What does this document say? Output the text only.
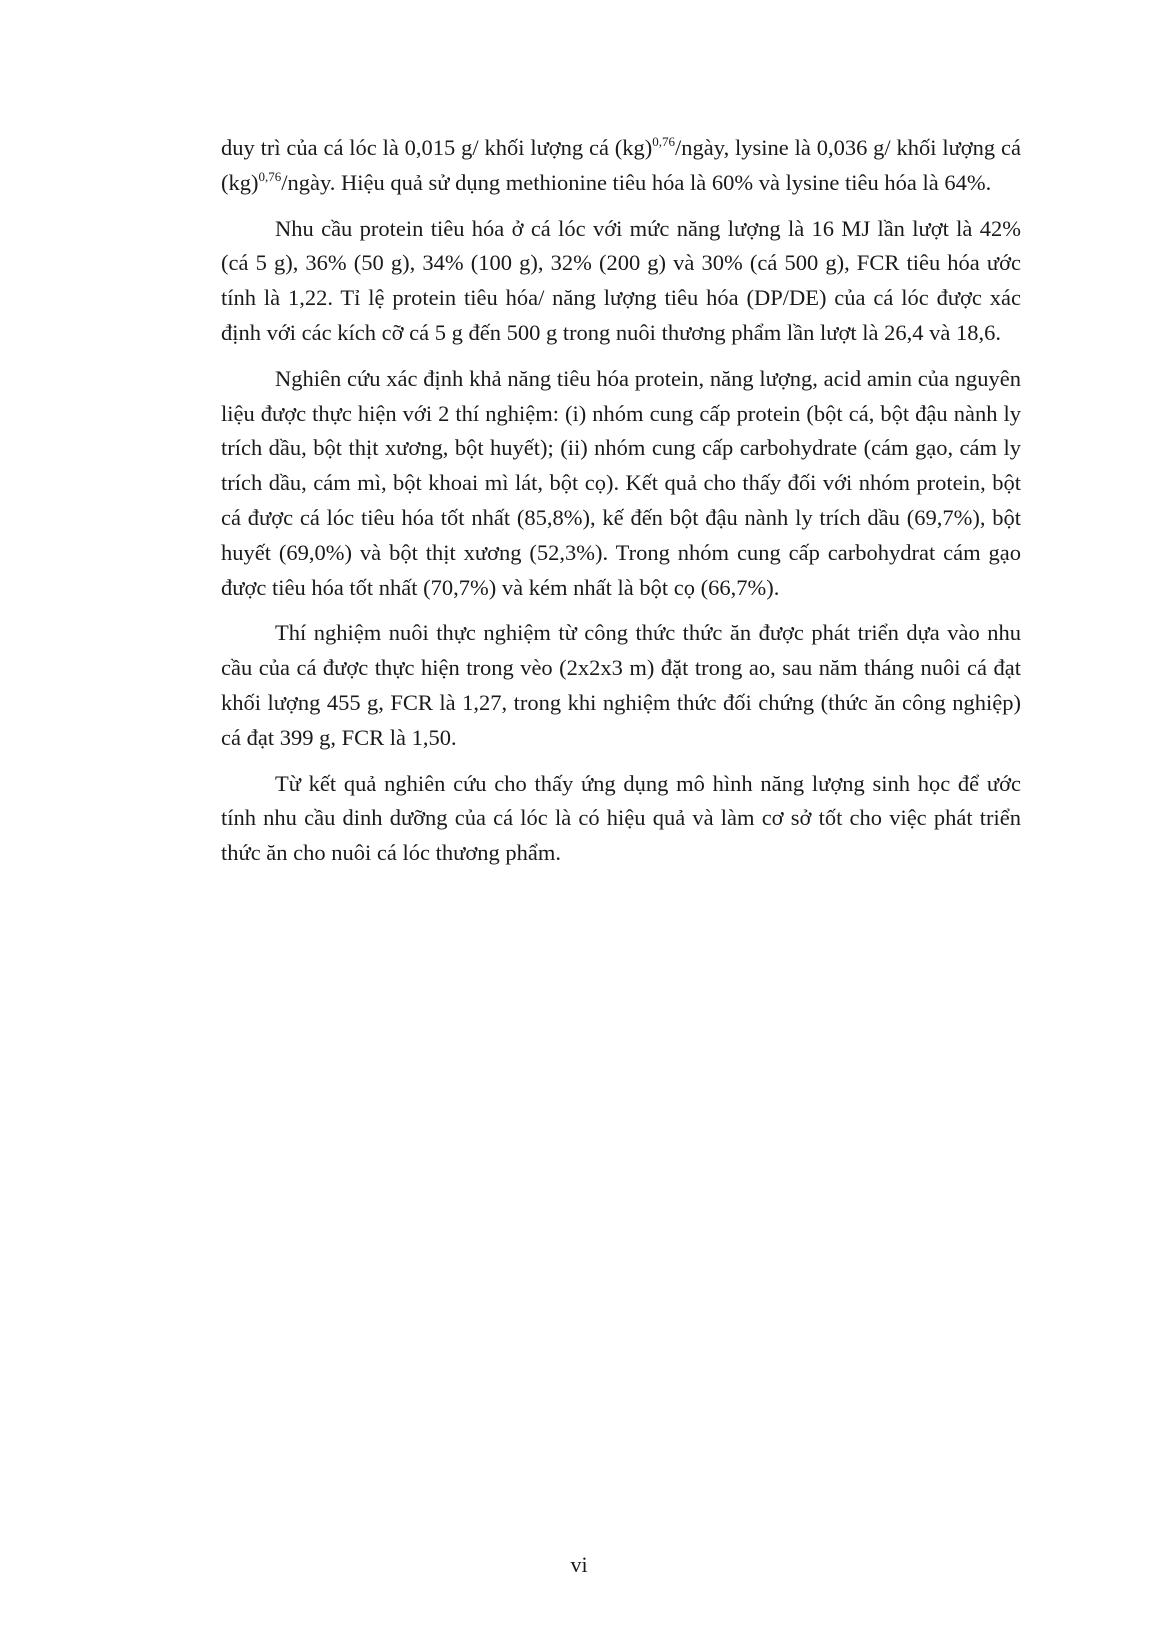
duy trì của cá lóc là 0,015 g/ khối lượng cá (kg)$^{0,76}$/ngày, lysine là 0,036 g/ khối lượng cá (kg)$^{0,76}$/ngày. Hiệu quả sử dụng methionine tiêu hóa là 60% và lysine tiêu hóa là 64%.

Nhu cầu protein tiêu hóa ở cá lóc với mức năng lượng là 16 MJ lần lượt là 42% (cá 5 g), 36% (50 g), 34% (100 g), 32% (200 g) và 30% (cá 500 g), FCR tiêu hóa ước tính là 1,22. Tỉ lệ protein tiêu hóa/ năng lượng tiêu hóa (DP/DE) của cá lóc được xác định với các kích cỡ cá 5 g đến 500 g trong nuôi thương phẩm lần lượt là 26,4 và 18,6.

Nghiên cứu xác định khả năng tiêu hóa protein, năng lượng, acid amin của nguyên liệu được thực hiện với 2 thí nghiệm: (i) nhóm cung cấp protein (bột cá, bột đậu nành ly trích dầu, bột thịt xương, bột huyết); (ii) nhóm cung cấp carbohydrate (cám gạo, cám ly trích dầu, cám mì, bột khoai mì lát, bột cọ). Kết quả cho thấy đối với nhóm protein, bột cá được cá lóc tiêu hóa tốt nhất (85,8%), kế đến bột đậu nành ly trích dầu (69,7%), bột huyết (69,0%) và bột thịt xương (52,3%). Trong nhóm cung cấp carbohydrat cám gạo được tiêu hóa tốt nhất (70,7%) và kém nhất là bột cọ (66,7%).

Thí nghiệm nuôi thực nghiệm từ công thức thức ăn được phát triển dựa vào nhu cầu của cá được thực hiện trong vèo (2x2x3 m) đặt trong ao, sau năm tháng nuôi cá đạt khối lượng 455 g, FCR là 1,27, trong khi nghiệm thức đối chứng (thức ăn công nghiệp) cá đạt 399 g, FCR là 1,50.

Từ kết quả nghiên cứu cho thấy ứng dụng mô hình năng lượng sinh học để ước tính nhu cầu dinh dưỡng của cá lóc là có hiệu quả và làm cơ sở tốt cho việc phát triển thức ăn cho nuôi cá lóc thương phẩm.

vi
